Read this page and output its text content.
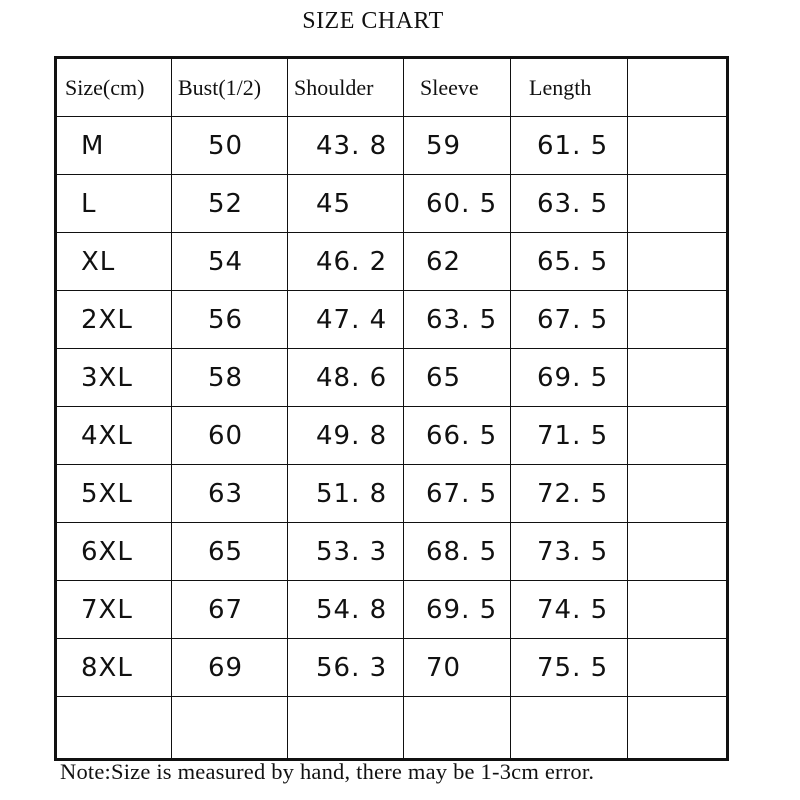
SIZE CHART
Size(cm)	Bust(1/2)	Shoulder	Sleeve	Length	
M	50	43. 8	59	61. 5	
L	52	45	60. 5	63. 5	
XL	54	46. 2	62	65. 5	
2XL	56	47. 4	63. 5	67. 5	
3XL	58	48. 6	65	69. 5	
4XL	60	49. 8	66. 5	71. 5	
5XL	63	51. 8	67. 5	72. 5	
6XL	65	53. 3	68. 5	73. 5	
7XL	67	54. 8	69. 5	74. 5	
8XL	69	56. 3	70	75. 5	

Note:Size is measured by hand, there may be 1-3cm error.
